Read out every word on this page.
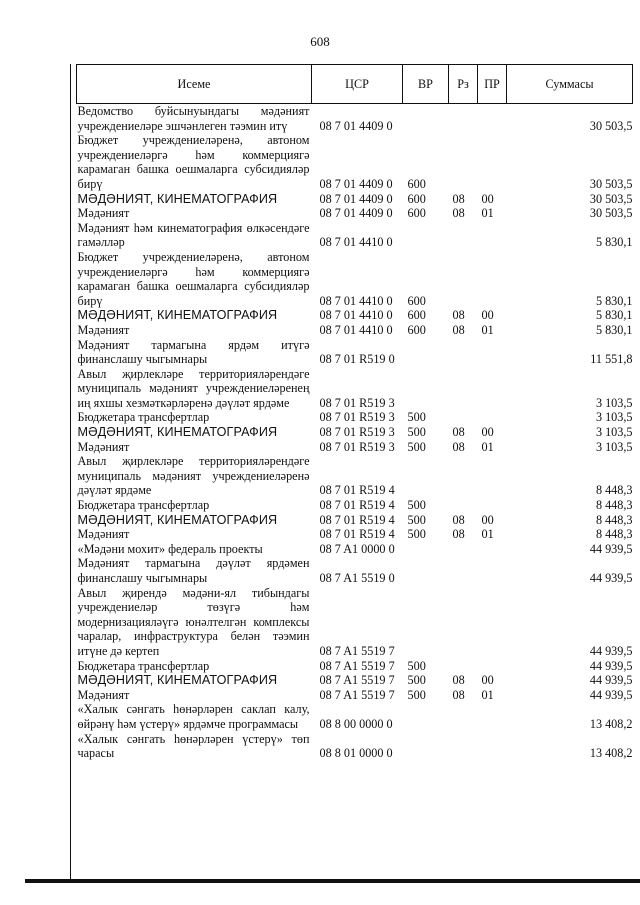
608
Исеме	ЦСР	ВР	Рз	ПР	Суммасы
Ведомство буйсынуындагы мәдәният учреждениеләре эшчәнлеген тәэмин итү	08 7 01 4409 0				30 503,5
Бюджет учреждениеләренә, автоном учреждениеләргә һәм коммерциягә карамаган башка оешмаларга субсидияләр бирү	08 7 01 4409 0	600			30 503,5
МӘДӘНИЯТ, КИНЕМАТОГРАФИЯ	08 7 01 4409 0	600	08	00	30 503,5
Мәдәният	08 7 01 4409 0	600	08	01	30 503,5
Мәдәният һәм кинематография өлкәсендәге гамәлләр	08 7 01 4410 0				5 830,1
Бюджет учреждениеләренә, автоном учреждениеләргә һәм коммерциягә карамаган башка оешмаларга субсидияләр бирү	08 7 01 4410 0	600			5 830,1
МӘДӘНИЯТ, КИНЕМАТОГРАФИЯ	08 7 01 4410 0	600	08	00	5 830,1
Мәдәният	08 7 01 4410 0	600	08	01	5 830,1
Мәдәният тармагына ярдәм итүгә финанслашу чыгымнары	08 7 01 R519 0				11 551,8
Авыл җирлекләре территорияләрендәге муниципаль мәдәният учреждениеләренең иң яхшы хезмәткәрләренә дәүләт ярдәме	08 7 01 R519 3				3 103,5
Бюджетара трансфертлар	08 7 01 R519 3	500			3 103,5
МӘДӘНИЯТ, КИНЕМАТОГРАФИЯ	08 7 01 R519 3	500	08	00	3 103,5
Мәдәният	08 7 01 R519 3	500	08	01	3 103,5
Авыл җирлекләре территорияләрендәге муниципаль мәдәният учреждениеләренә дәүләт ярдәме	08 7 01 R519 4				8 448,3
Бюджетара трансфертлар	08 7 01 R519 4	500			8 448,3
МӘДӘНИЯТ, КИНЕМАТОГРАФИЯ	08 7 01 R519 4	500	08	00	8 448,3
Мәдәният	08 7 01 R519 4	500	08	01	8 448,3
«Мәдәни мохит» федераль проекты	08 7 A1 0000 0				44 939,5
Мәдәният тармагына дәүләт ярдәмен финанслашу чыгымнары	08 7 A1 5519 0				44 939,5
Авыл җирендә мәдәни-ял тибындагы учреждениеләр төзүгә һәм модернизацияләүгә юнәлтелгән комплексы чаралар, инфраструктура белән тәэмин итүне дә кертеп	08 7 A1 5519 7				44 939,5
Бюджетара трансфертлар	08 7 A1 5519 7	500			44 939,5
МӘДӘНИЯТ, КИНЕМАТОГРАФИЯ	08 7 A1 5519 7	500	08	00	44 939,5
Мәдәният	08 7 A1 5519 7	500	08	01	44 939,5
«Халык сәнгать һөнәрләрен саклап калу, өйрәнү һәм үстерү» ярдәмче программасы	08 8 00 0000 0				13 408,2
«Халык сәнгать һөнәрләрен үстерү» төп чарасы	08 8 01 0000 0				13 408,2
